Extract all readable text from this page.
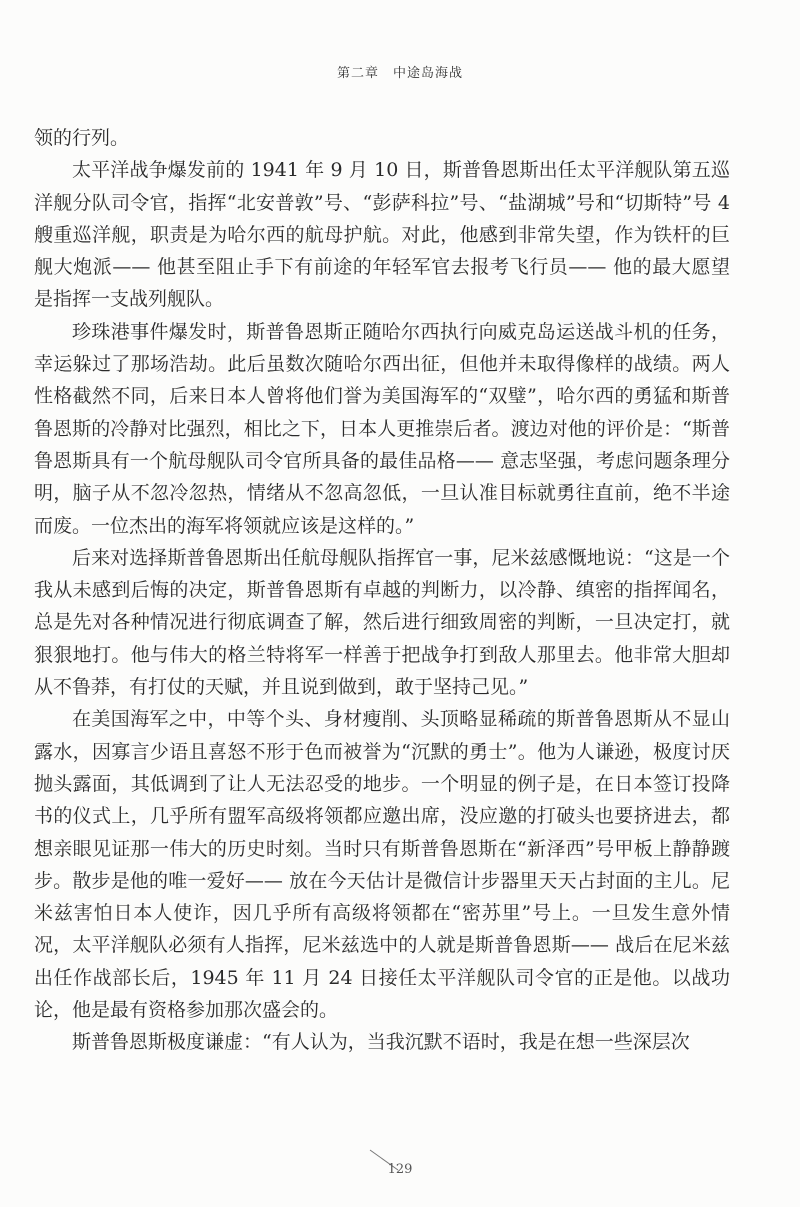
第二章　中途岛海战

领的行列。

太平洋战争爆发前的 1941 年 9 月 10 日，斯普鲁恩斯出任太平洋舰队第五巡洋舰分队司令官，指挥“北安普敦”号、“彭萨科拉”号、“盐湖城”号和“切斯特”号 4 艘重巡洋舰，职责是为哈尔西的航母护航。对此，他感到非常失望，作为铁杆的巨舰大炮派—— 他甚至阻止手下有前途的年轻军官去报考飞行员—— 他的最大愿望是指挥一支战列舰队。

珍珠港事件爆发时，斯普鲁恩斯正随哈尔西执行向威克岛运送战斗机的任务，幸运躲过了那场浩劫。此后虽数次随哈尔西出征，但他并未取得像样的战绩。两人性格截然不同，后来日本人曾将他们誉为美国海军的“双璧”，哈尔西的勇猛和斯普鲁恩斯的冷静对比强烈，相比之下，日本人更推崇后者。渡边对他的评价是：“斯普鲁恩斯具有一个航母舰队司令官所具备的最佳品格—— 意志坚强，考虑问题条理分明，脑子从不忽冷忽热，情绪从不忽高忽低，一旦认准目标就勇往直前，绝不半途而废。一位杰出的海军将领就应该是这样的。”

后来对选择斯普鲁恩斯出任航母舰队指挥官一事，尼米兹感慨地说：“这是一个我从未感到后悔的决定，斯普鲁恩斯有卓越的判断力，以冷静、缜密的指挥闻名，总是先对各种情况进行彻底调查了解，然后进行细致周密的判断，一旦决定打，就狠狠地打。他与伟大的格兰特将军一样善于把战争打到敌人那里去。他非常大胆却从不鲁莽，有打仗的天赋，并且说到做到，敢于坚持己见。”

在美国海军之中，中等个头、身材瘦削、头顶略显稀疏的斯普鲁恩斯从不显山露水，因寡言少语且喜怒不形于色而被誉为“沉默的勇士”。他为人谦逊，极度讨厌抛头露面，其低调到了让人无法忍受的地步。一个明显的例子是，在日本签订投降书的仪式上，几乎所有盟军高级将领都应邀出席，没应邀的打破头也要挤进去，都想亲眼见证那一伟大的历史时刻。当时只有斯普鲁恩斯在“新泽西”号甲板上静静踱步。散步是他的唯一爱好—— 放在今天估计是微信计步器里天天占封面的主儿。尼米兹害怕日本人使诈，因几乎所有高级将领都在“密苏里”号上。一旦发生意外情况，太平洋舰队必须有人指挥，尼米兹选中的人就是斯普鲁恩斯—— 战后在尼米兹出任作战部长后，1945 年 11 月 24 日接任太平洋舰队司令官的正是他。以战功论，他是最有资格参加那次盛会的。

斯普鲁恩斯极度谦虚：“有人认为，当我沉默不语时，我是在想一些深层次

129
